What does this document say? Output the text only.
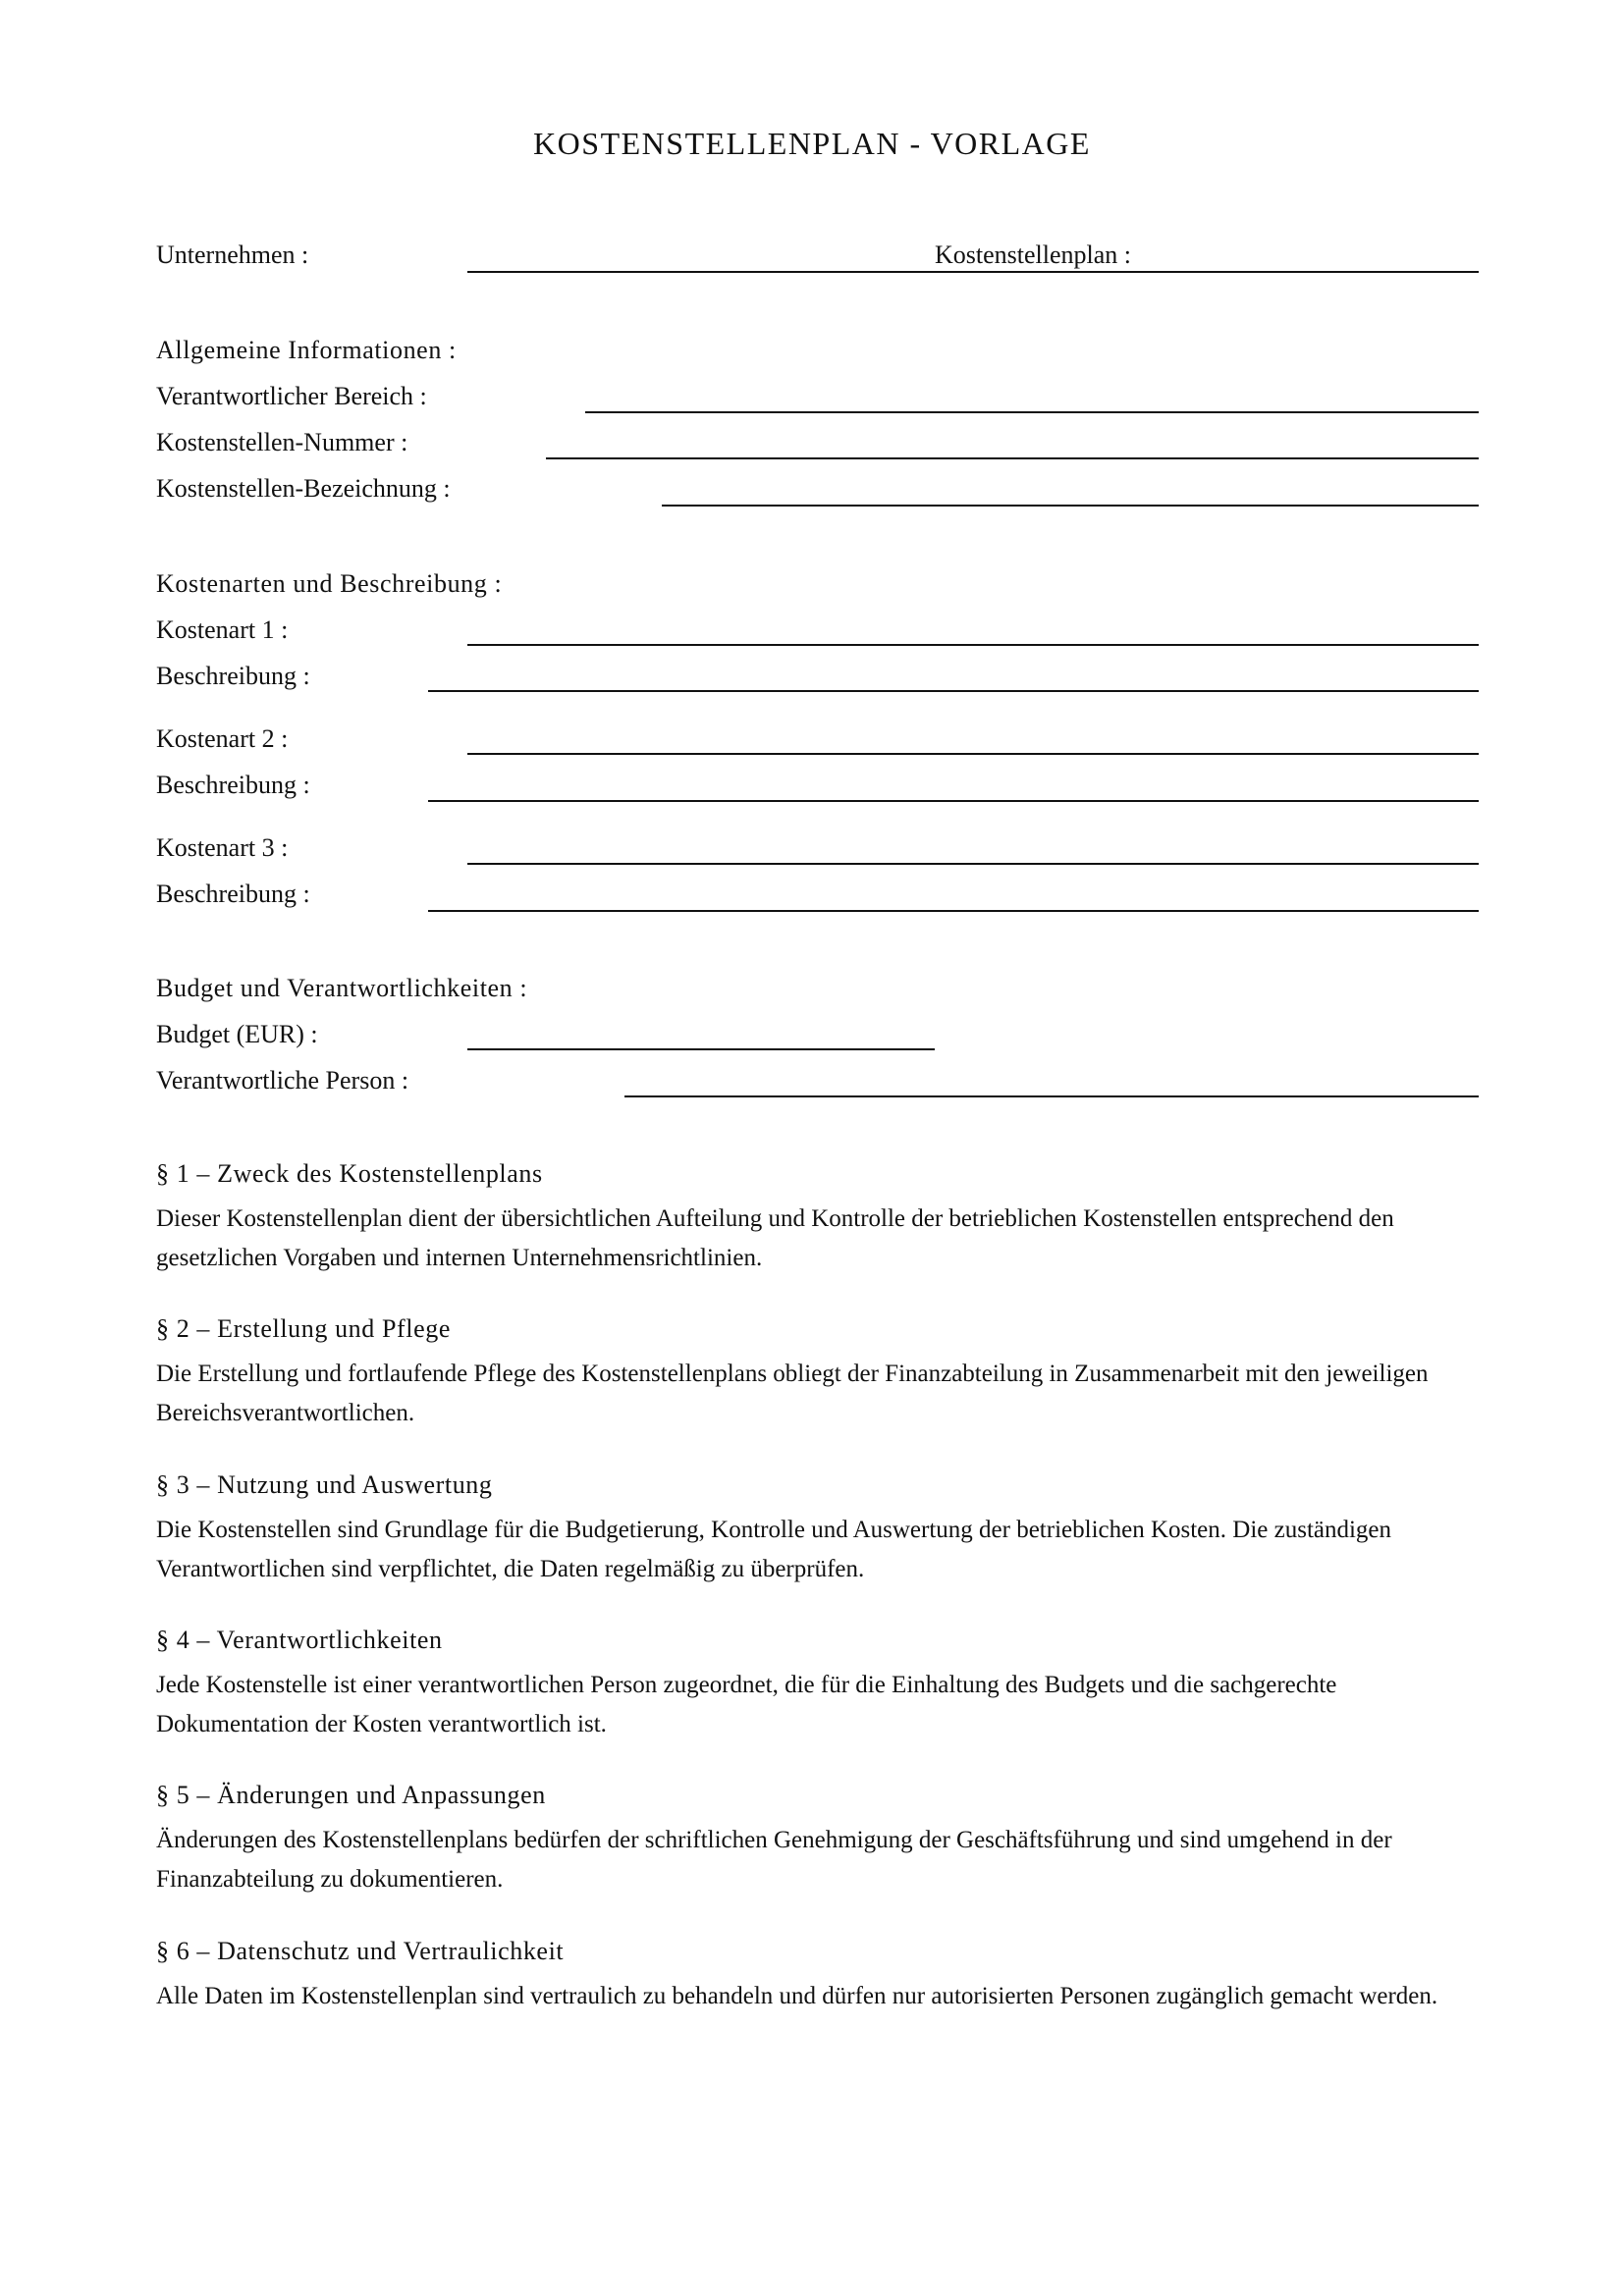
KOSTENSTELLENPLAN - VORLAGE
Unternehmen :	Kostenstellenplan :
Allgemeine Informationen :
Verantwortlicher Bereich :
Kostenstellen-Nummer :
Kostenstellen-Bezeichnung :
Kostenarten und Beschreibung :
Kostenart 1 :
Beschreibung :
Kostenart 2 :
Beschreibung :
Kostenart 3 :
Beschreibung :
Budget und Verantwortlichkeiten :
Budget (EUR) :
Verantwortliche Person :
§ 1 – Zweck des Kostenstellenplans
Dieser Kostenstellenplan dient der übersichtlichen Aufteilung und Kontrolle der betrieblichen Kostenstellen entsprechend den gesetzlichen Vorgaben und internen Unternehmensrichtlinien.
§ 2 – Erstellung und Pflege
Die Erstellung und fortlaufende Pflege des Kostenstellenplans obliegt der Finanzabteilung in Zusammenarbeit mit den jeweiligen Bereichsverantwortlichen.
§ 3 – Nutzung und Auswertung
Die Kostenstellen sind Grundlage für die Budgetierung, Kontrolle und Auswertung der betrieblichen Kosten. Die zuständigen Verantwortlichen sind verpflichtet, die Daten regelmäßig zu überprüfen.
§ 4 – Verantwortlichkeiten
Jede Kostenstelle ist einer verantwortlichen Person zugeordnet, die für die Einhaltung des Budgets und die sachgerechte Dokumentation der Kosten verantwortlich ist.
§ 5 – Änderungen und Anpassungen
Änderungen des Kostenstellenplans bedürfen der schriftlichen Genehmigung der Geschäftsführung und sind umgehend in der Finanzabteilung zu dokumentieren.
§ 6 – Datenschutz und Vertraulichkeit
Alle Daten im Kostenstellenplan sind vertraulich zu behandeln und dürfen nur autorisierten Personen zugänglich gemacht werden.
